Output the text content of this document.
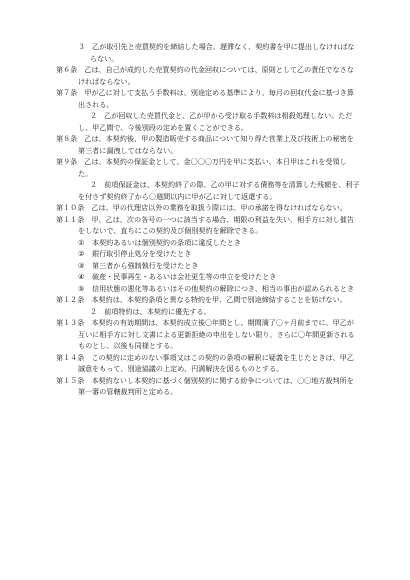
３　乙が取引先と売買契約を締結した場合、遅滞なく、契約書を甲に提出しなければならない。

第６条　乙は、自己が成約した売買契約の代金回収については、原則として乙の責任でなさなければならない。

第７条　甲が乙に対して支払う手数料は、別途定める基準により、毎月の回収代金に基づき算出される。

２　乙が回収した売買代金と、乙が甲から受け取る手数料は相殺処理しない。ただし、甲乙間で、今後別段の定めを置くことができる。

第８条　乙は、本契約後、甲の製造販売する商品について知り得た営業上及び技術上の秘密を第三者に漏洩してはならない。

第９条　乙は、本契約の保証金として、金〇〇〇万円を甲に支払い、本日甲はこれを受領した。

２　前項保証金は、本契約終了の際、乙の甲に対する債務等を清算した残額を、利子を付さず契約終了から〇週間以内に甲が乙に対して返還する。

第１０条　乙は、甲の代理店以外の業務を取扱う際には、甲の承諾を得なければならない。

第１１条　甲、乙は、次の各号の一つに該当する場合、期限の利益を失い、相手方に対し催告をしないで、直ちにこの契約及び個別契約を解除できる。

① 本契約あるいは個別契約の条項に違反したとき

② 銀行取引停止処分を受けたとき

③ 第三者から強制執行を受けたとき

④ 破産・民事再生・あるいは会社更生等の申立を受けたとき

⑤ 信用状態の悪化等あるいはその他契約の解除につき、相当の事由が認められるとき

第１２条　本契約は、本契約条項と異なる特約を甲、乙間で別途締結することを妨げない。

２　前項特約は、本契約に優先する。

第１３条　本契約の有効期間は、本契約成立後〇年間とし、期間満了〇ヶ月前までに、甲乙が互いに相手方に対し文書による更新拒絶の申出をしない限り、さらに〇年間更新されるものとし、以後も同様とする。

第１４条　この契約に定めのない事項又はこの契約の条項の解釈に疑義を生じたときは、甲乙誠意をもって、別途協議の上定め、円満解決を図るものとする。

第１５条　本契約ないし本契約に基づく個別契約に関する紛争については、〇〇地方裁判所を第一審の管轄裁判所と定める。
